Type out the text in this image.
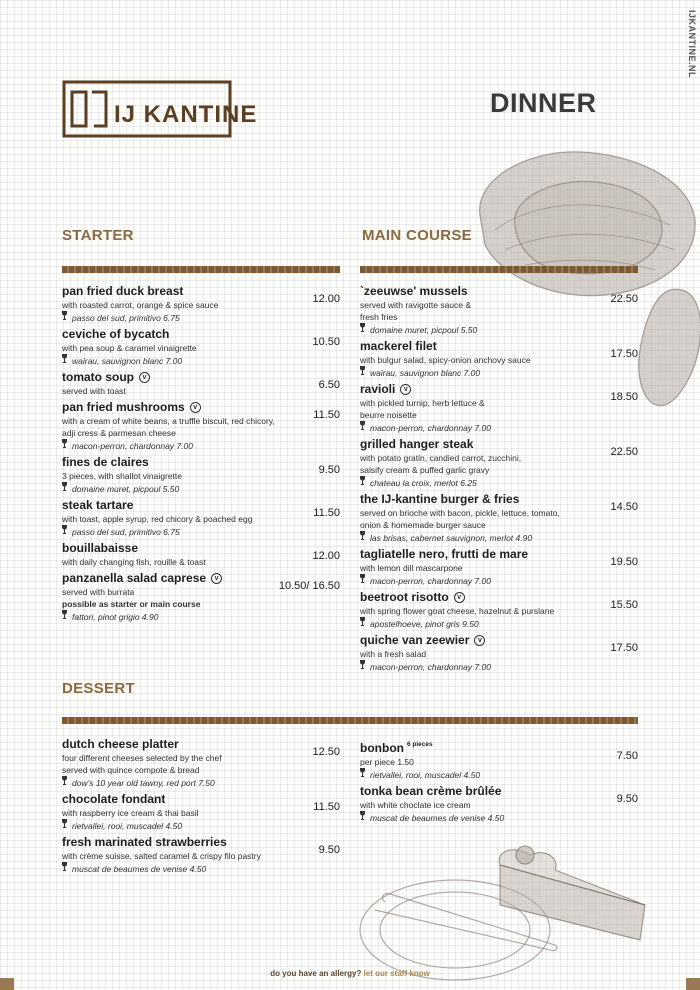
IJKANTINE.NL
IJ KANTINE	DINNER
STARTER	MAIN COURSE
pan fried duck breast
with roasted carrot, orange & spice sauce
passo del sud, primitivo 6.75
12.00
ceviche of bycatch
with pea soup & caramel vinaigrette
wairau, sauvignon blanc 7.00
10.50
tomato soup	v
served with toast	6.50
pan fried mushrooms	v
with a cream of white beans, a truffle biscuit, red chicory,
adji cress & parmesan cheese
macon-perron, chardonnay 7.00
11.50
fines de claires
3 pieces, with shallot vinaigrette
domaine muret, picpoul 5.50
9.50
steak tartare
with toast, apple syrup, red chicory & poached egg
passo del sud, primitivo 6.75
11.50
bouillabaisse
with daily changing fish, rouille & toast	12.00
panzanella salad caprese	v
served with burrata
possible as starter or main course
fattori, pinot grigio 4.90
10.50/ 16.50
`zeeuwse' mussels
served with ravigotte sauce &
fresh fries
domaine muret, picpoul 5.50
22.50
mackerel filet
with bulgur salad, spicy-onion anchovy sauce
wairau, sauvignon blanc 7.00
17.50
ravioli	v
with pickled turnip, herb lettuce &
beurre noisette
macon-perron, chardonnay 7.00
18.50
grilled hanger steak
with potato gratin, candied carrot, zucchini,
salsify cream & puffed garlic gravy
chateau la croix, merlot 6.25
22.50
the IJ-kantine burger & fries
served on brioche with bacon, pickle, lettuce, tomato,
onion & homemade burger sauce
las brisas, cabernet sauvignon, merlot 4.90
14.50
tagliatelle nero, frutti de mare
with lemon dill mascarpone
macon-perron, chardonnay 7.00
19.50
beetroot risotto	v
with spring flower goat cheese, hazelnut & purslane
apostelhoeve, pinot gris 9.50
15.50
quiche van zeewier	v
with a fresh salad
macon-perron, chardonnay 7.00
17.50
DESSERT
dutch cheese platter
four different cheeses selected by the chef
served with quince compote & bread
dow's 10 year old tawny, red port 7.50
12.50
chocolate fondant
with raspberry ice cream & thai basil
rietvallei, rooi, muscadel 4.50
11.50
fresh marinated strawberries
with crème suisse, salted caramel & crispy filo pastry
muscat de beaumes de venise 4.50
9.50
bonbon $^{6 pieces}$
per piece 1.50
rietvallei, rooi, muscadel 4.50
7.50
tonka bean crème brûlée
with white choclate ice cream
muscat de beaumes de venise 4.50
9.50
do you have an allergy? let our staff know
